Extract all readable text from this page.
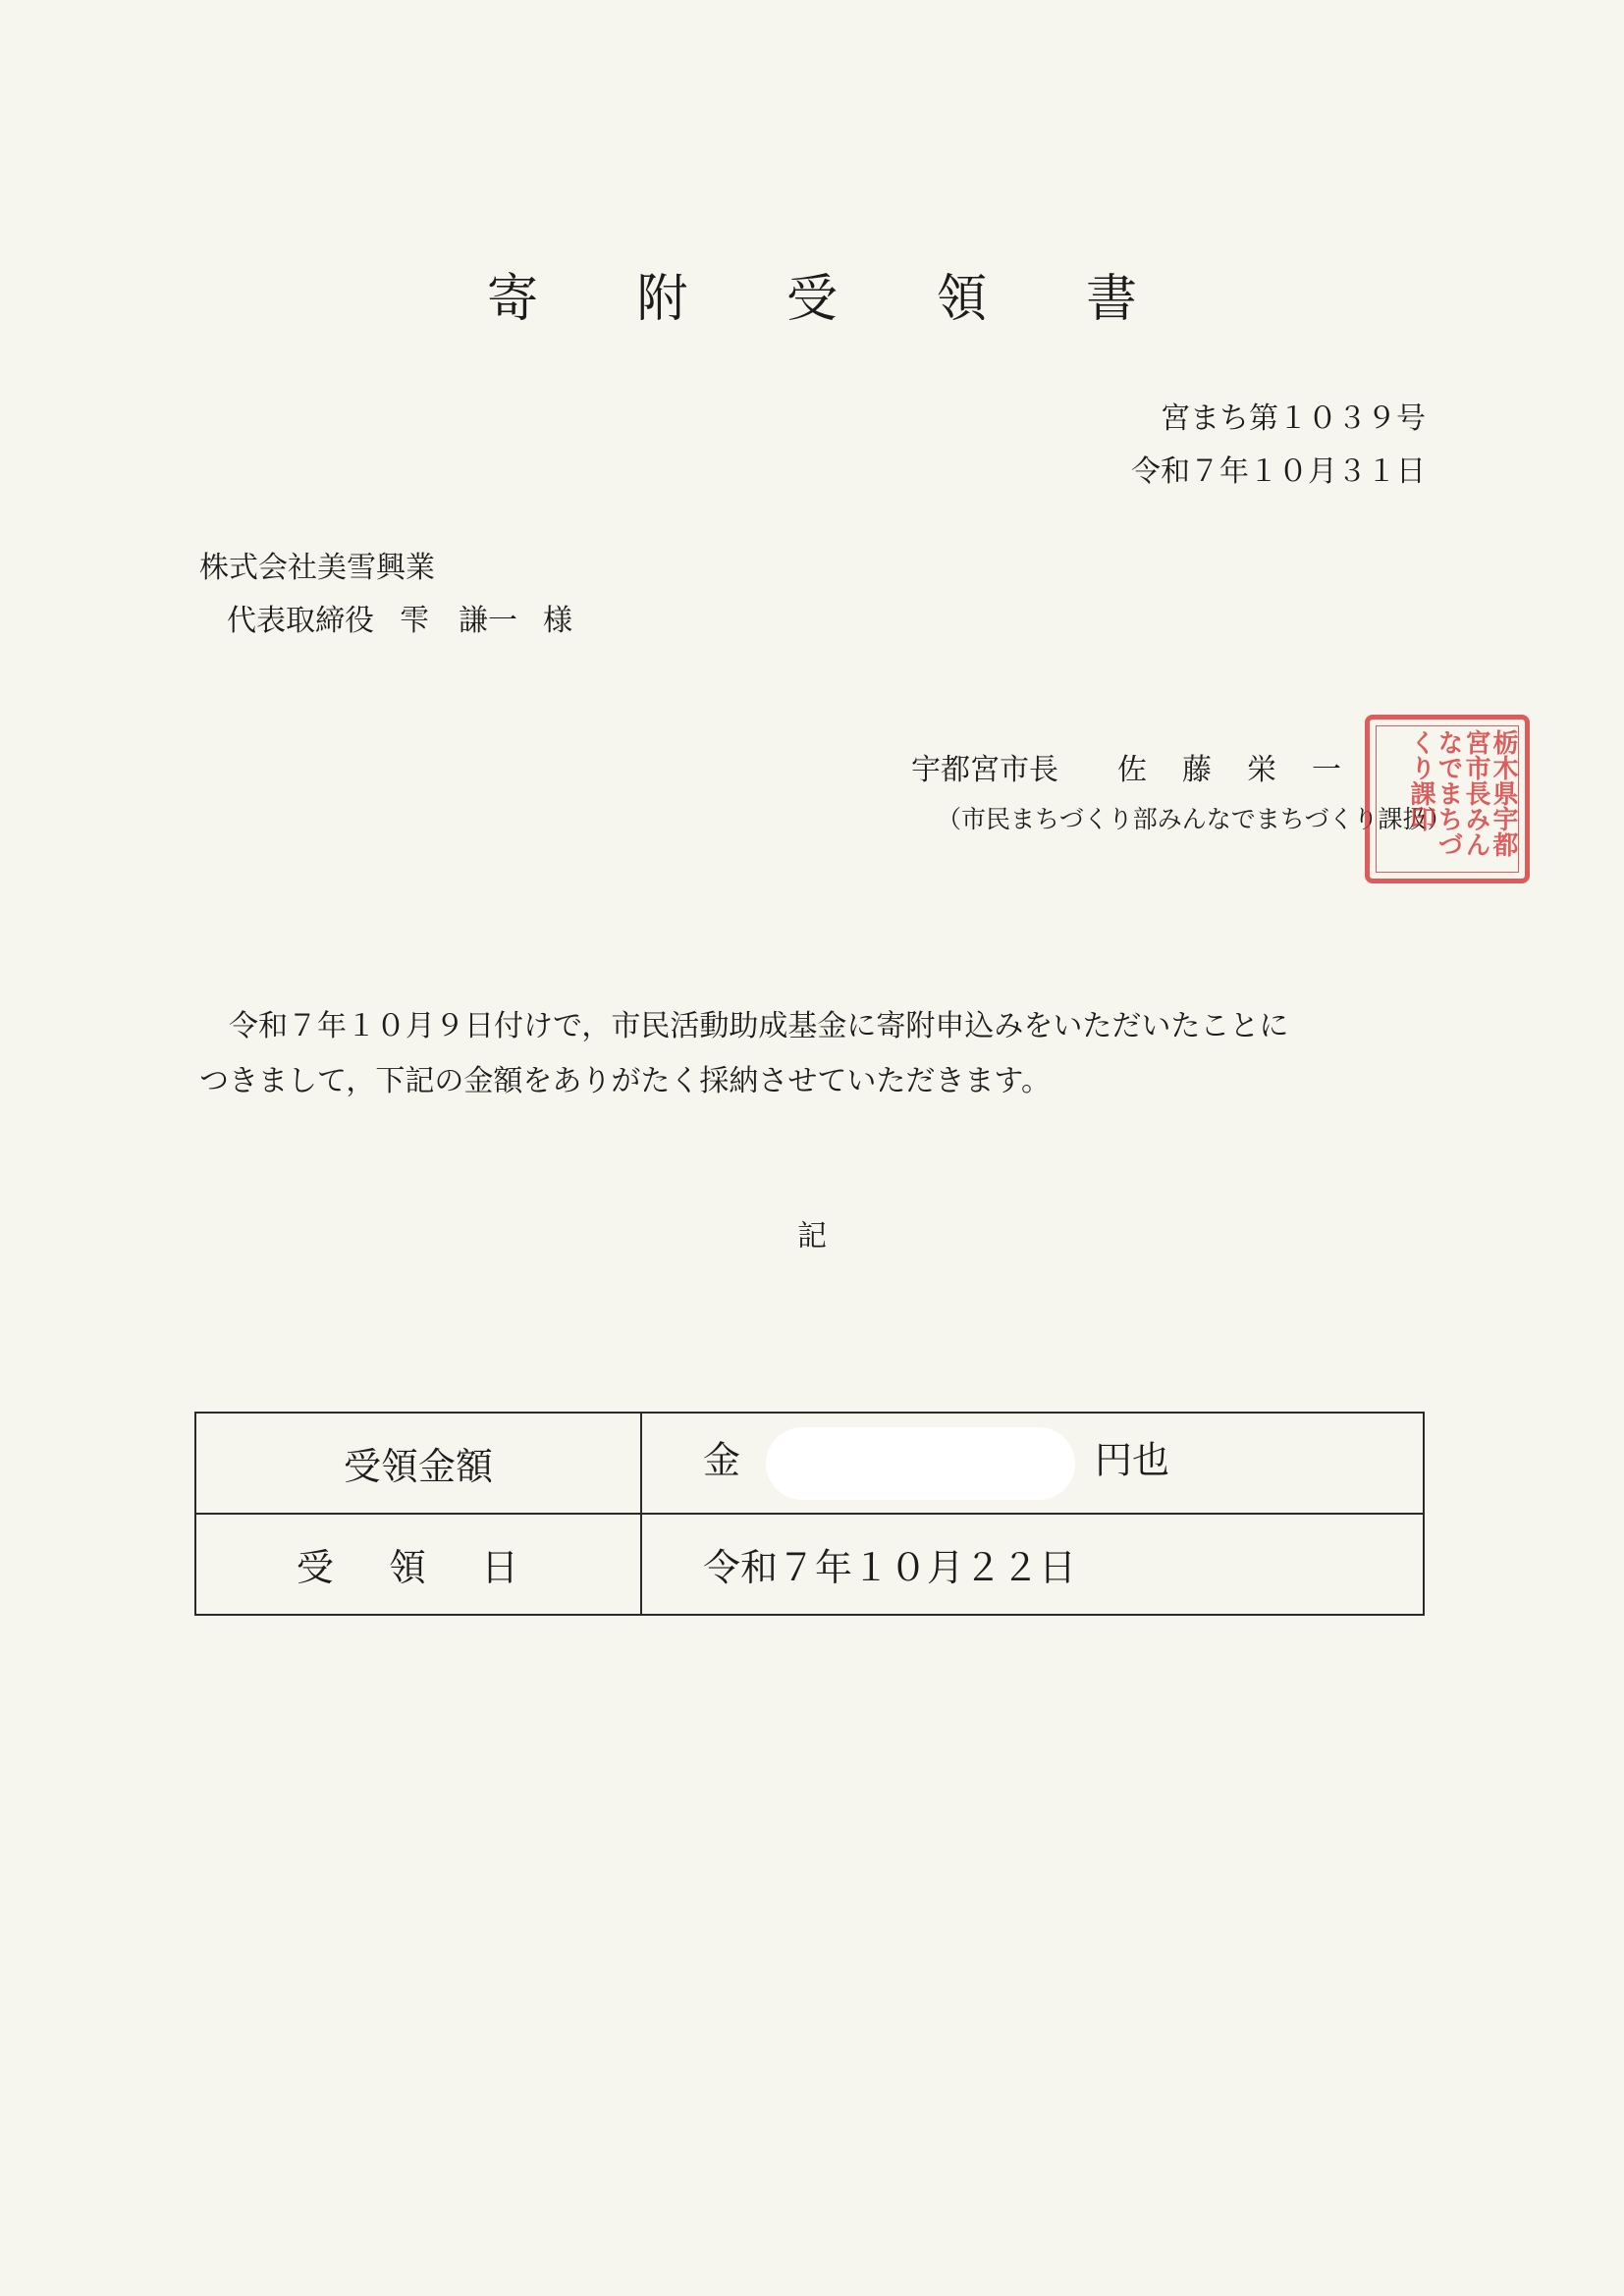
寄 附 受 領 書
宮まち第１０３９号
令和７年１０月３１日
株式会社美雪興業
代表取締役 雫　謙一 様
宇都宮市長 佐藤栄一
（市民まちづくり部みんなでまちづくり課扱）	栃木県宇都宮市長みんなでまちづくり課印

令和７年１０月９日付けで，市民活動助成基金に寄附申込みをいただいたことに

つきまして，下記の金額をありがたく採納させていただきます。

記
受領金額	金 円也
受 領 日	令和７年１０月２２日
